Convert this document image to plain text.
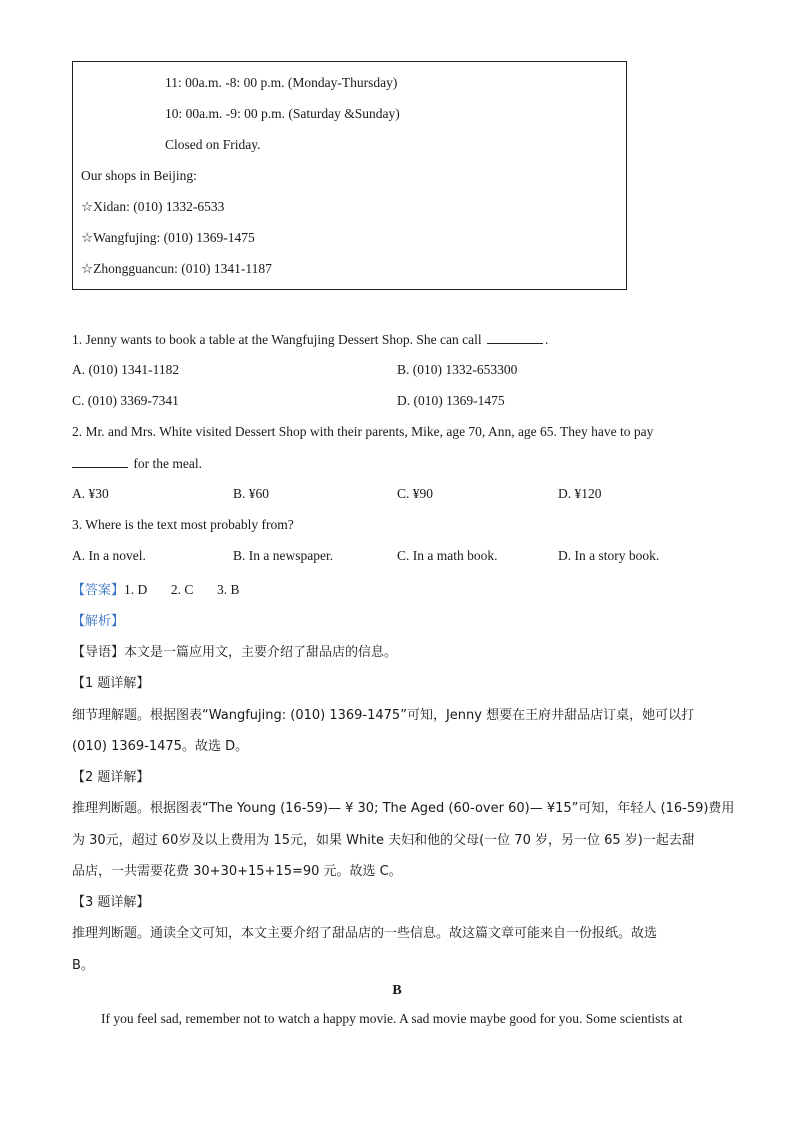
11: 00a.m. -8: 00 p.m. (Monday-Thursday)
10: 00a.m. -9: 00 p.m. (Saturday &Sunday)
Closed on Friday.
Our shops in Beijing:
☆Xidan: (010) 1332-6533
☆Wangfujing: (010) 1369-1475
☆Zhongguancun: (010) 1341-1187
1. Jenny wants to book a table at the Wangfujing Dessert Shop. She can call	.
A. (010) 1341-1182	B. (010) 1332-653300
C. (010) 3369-7341	D. (010) 1369-1475
2. Mr. and Mrs. White visited Dessert Shop with their parents, Mike, age 70, Ann, age 65. They have to pay
for the meal.
A. ¥30	B. ¥60	C. ¥90	D. ¥120
3. Where is the text most probably from?
A. In a novel.	B. In a newspaper.	C. In a math book.	D. In a story book.
【答案】1. D       2. C       3. B
【解析】
【导语】本文是一篇应用文，主要介绍了甜品店的信息。
【1 题详解】
细节理解题。根据图表“Wangfujing: (010) 1369-1475”可知，Jenny 想要在王府井甜品店订桌，她可以打
(010) 1369-1475。故选 D。
【2 题详解】
推理判断题。根据图表“The Young (16-59)— ¥ 30; The Aged (60-over 60)— ¥15”可知，年轻人 (16-59)费用
为 30元，超过 60岁及以上费用为 15元，如果 White 夫妇和他的父母(一位 70 岁，另一位 65 岁)一起去甜
品店，一共需要花费 30+30+15+15=90 元。故选 C。
【3 题详解】
推理判断题。通读全文可知，本文主要介绍了甜品店的一些信息。故这篇文章可能来自一份报纸。故选
B。
B
If you feel sad, remember not to watch a happy movie. A sad movie maybe good for you. Some scientists at
